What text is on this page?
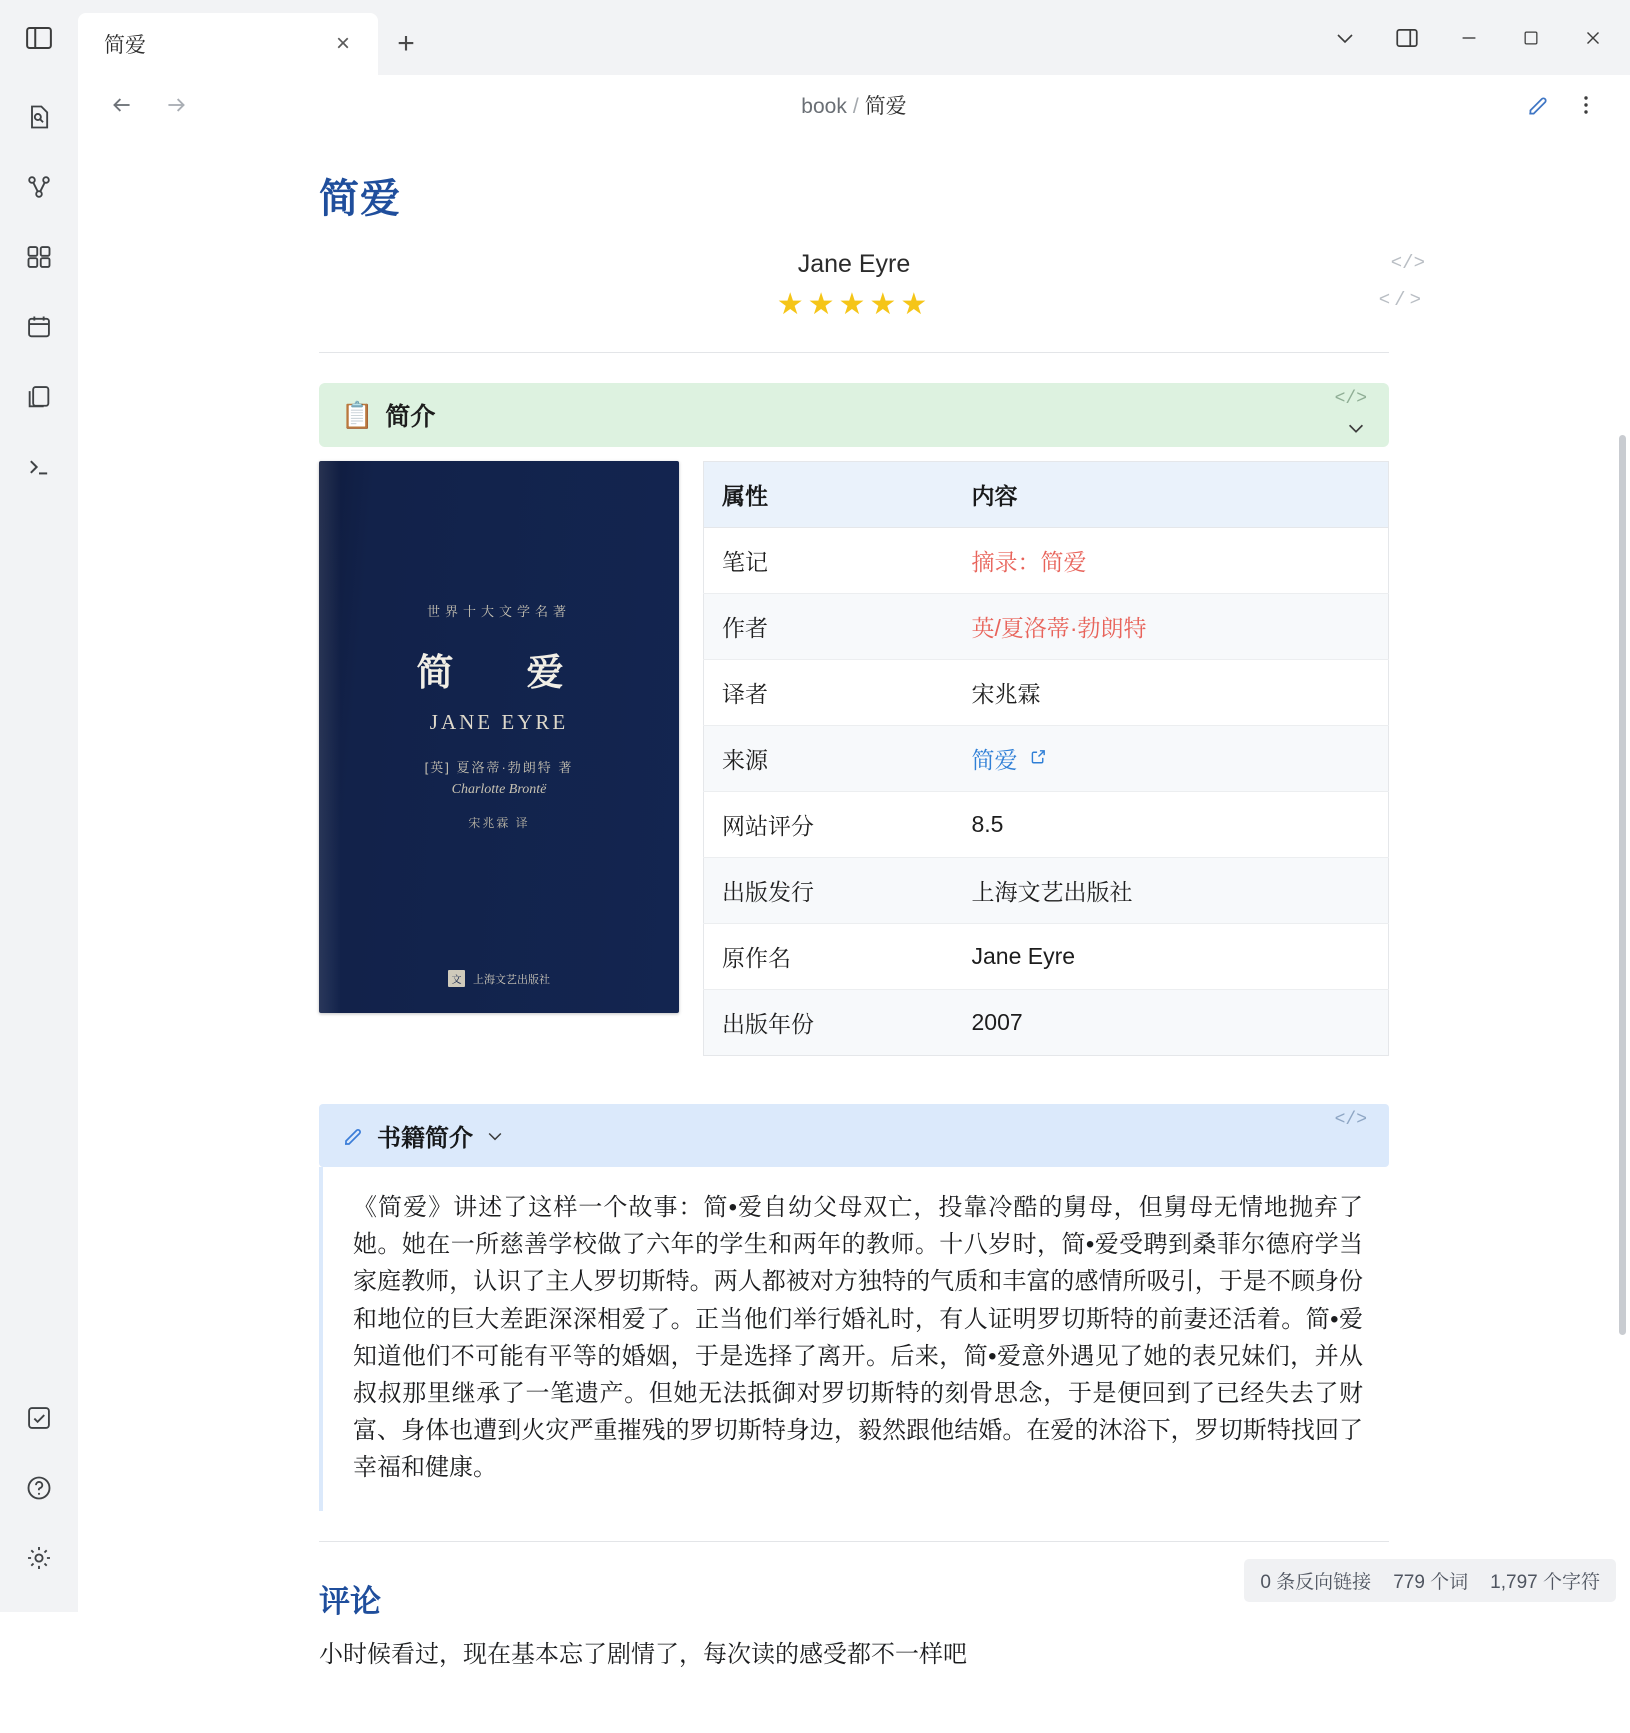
简爱	×	+
book / 简爱
简爱
Jane Eyre	</>
★★★★★	</>
📋 简介
</>
世界十大文学名著
简　爱
JANE EYRE
[英] 夏洛蒂·勃朗特 著
Charlotte Brontë
宋兆霖 译
文	上海文艺出版社
属性	内容
笔记	摘录：简爱
作者	英/夏洛蒂·勃朗特
译者	宋兆霖
来源	简爱
网站评分	8.5
出版发行	上海文艺出版社
原作名	Jane Eyre
出版年份	2007
书籍简介
</>
《简爱》讲述了这样一个故事：简•爱自幼父母双亡，投靠冷酷的舅母，但舅母无情地抛弃了她。她在一所慈善学校做了六年的学生和两年的教师。十八岁时，简•爱受聘到桑菲尔德府学当家庭教师，认识了主人罗切斯特。两人都被对方独特的气质和丰富的感情所吸引，于是不顾身份和地位的巨大差距深深相爱了。正当他们举行婚礼时，有人证明罗切斯特的前妻还活着。简•爱知道他们不可能有平等的婚姻，于是选择了离开。后来，简•爱意外遇见了她的表兄妹们，并从叔叔那里继承了一笔遗产。但她无法抵御对罗切斯特的刻骨思念，于是便回到了已经失去了财富、身体也遭到火灾严重摧残的罗切斯特身边，毅然跟他结婚。在爱的沐浴下，罗切斯特找回了幸福和健康。
评论
小时候看过，现在基本忘了剧情了，每次读的感受都不一样吧
0 条反向链接 779 个词 1,797 个字符
